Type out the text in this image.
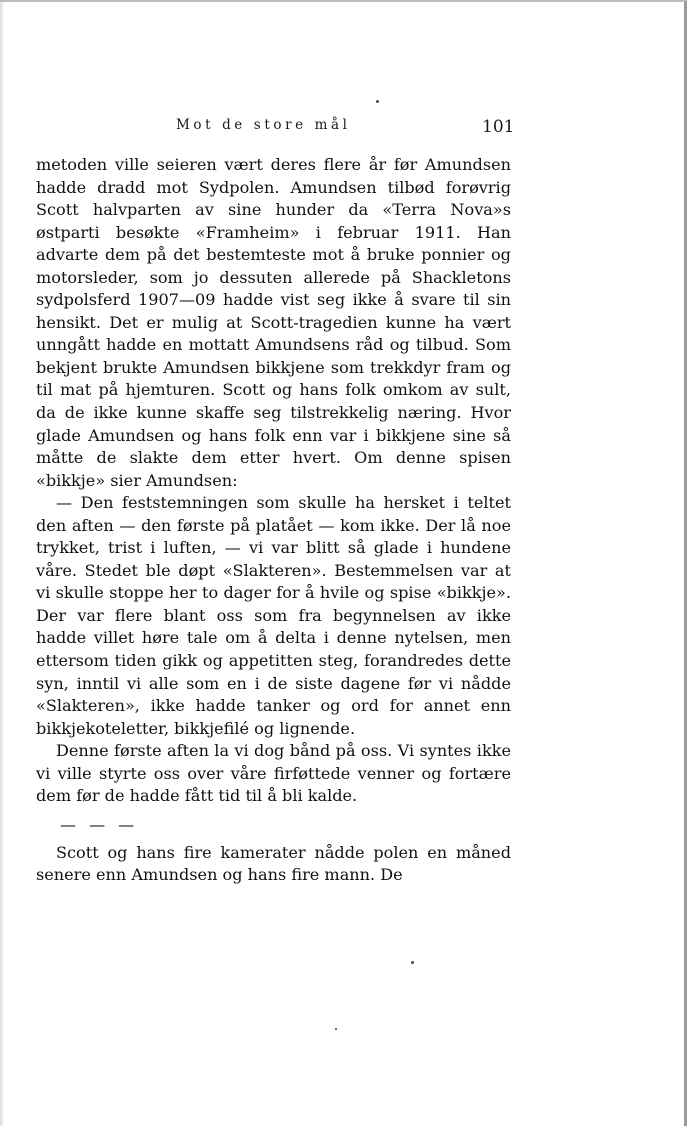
Mot de store mål	101

metoden ville seieren vært deres flere år før Amundsen hadde dradd mot Sydpolen. Amundsen tilbød forøvrig Scott halvparten av sine hunder da «Terra Nova»s østparti besøkte «Framheim» i februar 1911. Han advarte dem på det bestemteste mot å bruke ponnier og motorsleder, som jo dessuten allerede på Shackletons sydpolsferd 1907—09 hadde vist seg ikke å svare til sin hensikt. Det er mulig at Scott-tragedien kunne ha vært unngått hadde en mottatt Amundsens råd og tilbud. Som bekjent brukte Amundsen bikkjene som trekkdyr fram og til mat på hjemturen. Scott og hans folk omkom av sult, da de ikke kunne skaffe seg tilstrekkelig næring. Hvor glade Amundsen og hans folk enn var i bikkjene sine så måtte de slakte dem etter hvert. Om denne spisen «bikkje» sier Amundsen:

— Den feststemningen som skulle ha hersket i teltet den aften — den første på platået — kom ikke. Der lå noe trykket, trist i luften, — vi var blitt så glade i hundene våre. Stedet ble døpt «Slakteren». Bestemmelsen var at vi skulle stoppe her to dager for å hvile og spise «bikkje». Der var flere blant oss som fra begynnelsen av ikke hadde villet høre tale om å delta i denne nytelsen, men ettersom tiden gikk og appetitten steg, forandredes dette syn, inntil vi alle som en i de siste dagene før vi nådde «Slakteren», ikke hadde tanker og ord for annet enn bikkjekoteletter, bikkjefilé og lignende.

Denne første aften la vi dog bånd på oss. Vi syntes ikke vi ville styrte oss over våre firføttede venner og fortære dem før de hadde fått tid til å bli kalde.

— — —

Scott og hans fire kamerater nådde polen en måned senere enn Amundsen og hans fire mann. De
